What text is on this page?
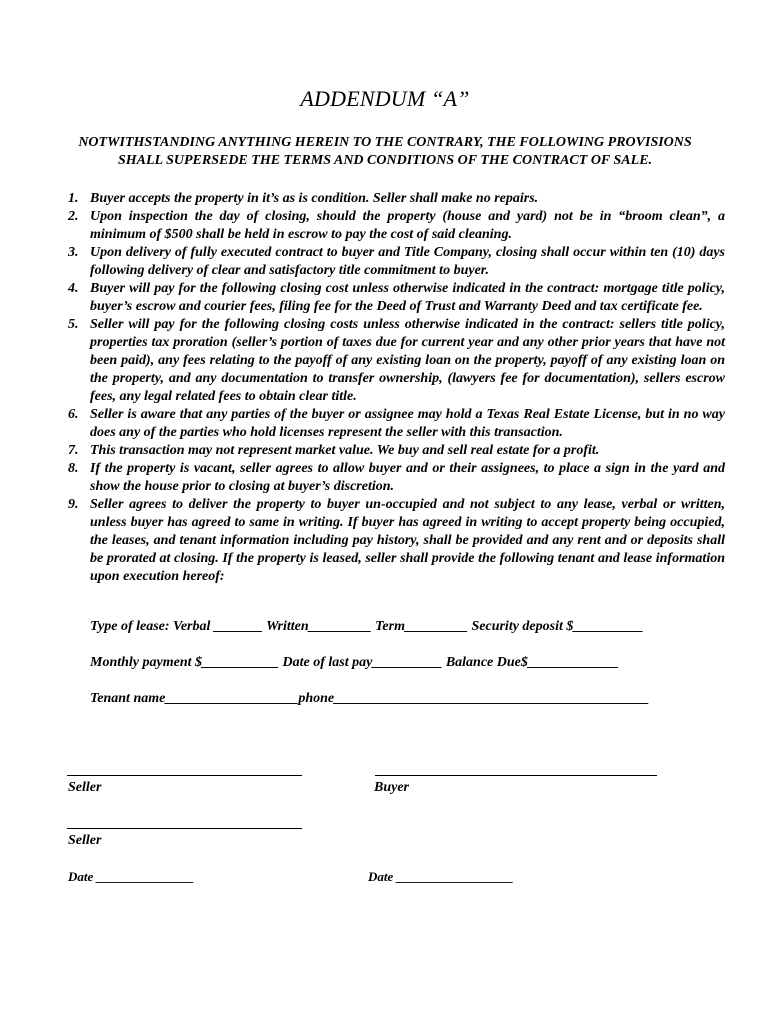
ADDENDUM “A”
NOTWITHSTANDING ANYTHING HEREIN TO THE CONTRARY, THE FOLLOWING PROVISIONS
SHALL SUPERSEDE THE TERMS AND CONDITIONS OF THE CONTRACT OF SALE.
1. Buyer accepts the property in it’s as is condition. Seller shall make no repairs.
2. Upon inspection the day of closing, should the property (house and yard) not be in “broom clean”, a minimum of $500 shall be held in escrow to pay the cost of said cleaning.
3. Upon delivery of fully executed contract to buyer and Title Company, closing shall occur within ten (10) days following delivery of clear and satisfactory title commitment to buyer.
4. Buyer will pay for the following closing cost unless otherwise indicated in the contract: mortgage title policy, buyer’s escrow and courier fees, filing fee for the Deed of Trust and Warranty Deed and tax certificate fee.
5. Seller will pay for the following closing costs unless otherwise indicated in the contract: sellers title policy, properties tax proration (seller’s portion of taxes due for current year and any other prior years that have not been paid), any fees relating to the payoff of any existing loan on the property, payoff of any existing loan on the property, and any documentation to transfer ownership, (lawyers fee for documentation), sellers escrow fees, any legal related fees to obtain clear title.
6. Seller is aware that any parties of the buyer or assignee may hold a Texas Real Estate License, but in no way does any of the parties who hold licenses represent the seller with this transaction.
7. This transaction may not represent market value. We buy and sell real estate for a profit.
8. If the property is vacant, seller agrees to allow buyer and or their assignees, to place a sign in the yard and show the house prior to closing at buyer’s discretion.
9. Seller agrees to deliver the property to buyer un-occupied and not subject to any lease, verbal or written, unless buyer has agreed to same in writing. If buyer has agreed in writing to accept property being occupied, the leases, and tenant information including pay history, shall be provided and any rent and or deposits shall be prorated at closing. If the property is leased, seller shall provide the following tenant and lease information upon execution hereof:
Type of lease: Verbal _______ Written_________ Term_________ Security deposit $__________
Monthly payment $___________ Date of last pay__________ Balance Due$_____________
Tenant name___________________phone_____________________________________________
Seller	Buyer
Seller
Date _______________	Date __________________
